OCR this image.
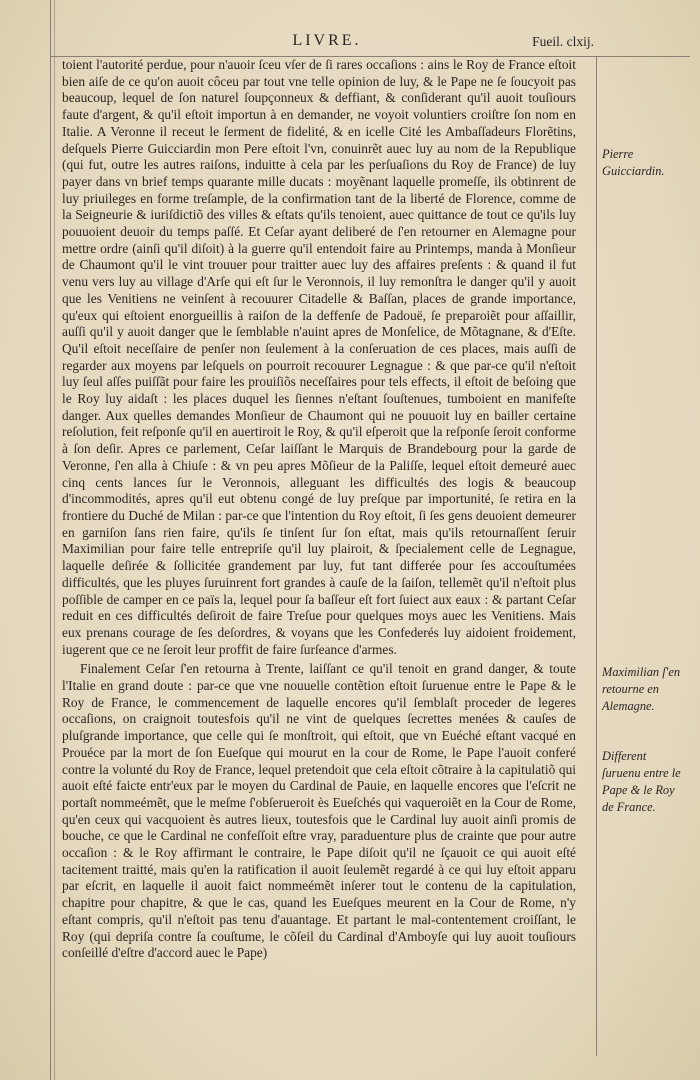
LIVRE.	Fueil. clxij.

toient l'autorité perdue, pour n'auoir ſceu vſer de ſi rares occaſions : ains le Roy de France eſtoit bien aiſe de ce qu'on auoit côceu par tout vne telle opinion de luy, & le Pape ne ſe ſoucyoit pas beaucoup, lequel de ſon naturel ſoupçonneux & deffiant, & conſiderant qu'il auoit touſiours faute d'argent, & qu'il eſtoit importun à en demander, ne voyoit voluntiers croiſtre ſon nom en Italie. A Veronne il receut le ſerment de fidelité, & en icelle Cité les Ambaſſadeurs Florẽtins, deſquels Pierre Guicciardin mon Pere eſtoit l'vn, conuinrẽt auec luy au nom de la Republique (qui fut, outre les autres raiſons, induitte à cela par les perſuaſions du Roy de France) de luy payer dans vn brief temps quarante mille ducats : moyẽnant laquelle promeſſe, ils obtinrent de luy priuileges en forme treſample, de la confirmation tant de la liberté de Florence, comme de la Seigneurie & iuriſdictiõ des villes & eſtats qu'ils tenoient, auec quittance de tout ce qu'ils luy pouuoient deuoir du temps paſſé. Et Ceſar ayant deliberé de ſ'en retourner en Alemagne pour mettre ordre (ainſi qu'il diſoit) à la guerre qu'il entendoit faire au Printemps, manda à Monſieur de Chaumont qu'il le vint trouuer pour traitter auec luy des affaires preſents : & quand il fut venu vers luy au village d'Arſe qui eſt ſur le Veronnois, il luy remonſtra le danger qu'il y auoit que les Venitiens ne veinſent à recouurer Citadelle & Baſſan, places de grande importance, qu'eux qui eſtoient enorgueillis à raiſon de la deffenſe de Padouë, ſe preparoiẽt pour aſſaillir, auſſi qu'il y auoit danger que le ſemblable n'auint apres de Monſelice, de Mõtagnane, & d'Eſte. Qu'il eſtoit neceſſaire de penſer non ſeulement à la conſeruation de ces places, mais auſſi de regarder aux moyens par leſquels on pourroit recouurer Legnague : & que par-ce qu'il n'eſtoit luy ſeul aſſes puiſſãt pour faire les prouiſiõs neceſſaires pour tels effects, il eſtoit de beſoing que le Roy luy aidaſt : les places duquel les ſiennes n'eſtant ſouſtenues, tumboient en manifeſte danger. Aux quelles demandes Monſieur de Chaumont qui ne pouuoit luy en bailler certaine reſolution, feit reſponſe qu'il en auertiroit le Roy, & qu'il eſperoit que la reſponſe ſeroit conforme à ſon deſir. Apres ce parlement, Ceſar laiſſant le Marquis de Brandebourg pour la garde de Veronne, ſ'en alla à Chiuſe : & vn peu apres Mõſieur de la Paliſſe, lequel eſtoit demeuré auec cinq cents lances ſur le Veronnois, alleguant les difficultés des logis & beaucoup d'incommodités, apres qu'il eut obtenu congé de luy preſque par importunité, ſe retira en la frontiere du Duché de Milan : par-ce que l'intention du Roy eſtoit, ſi ſes gens deuoient demeurer en garniſon ſans rien faire, qu'ils ſe tinſent ſur ſon eſtat, mais qu'ils retournaſſent ſeruir Maximilian pour faire telle entrepriſe qu'il luy plairoit, & ſpecialement celle de Legnague, laquelle deſirée & ſollicitée grandement par luy, fut tant differée pour ſes accouſtumées difficultés, que les pluyes ſuruinrent fort grandes à cauſe de la ſaiſon, tellemẽt qu'il n'eſtoit plus poſſible de camper en ce païs la, lequel pour ſa baſſeur eſt fort ſuiect aux eaux : & partant Ceſar reduit en ces difficultés deſiroit de faire Treſue pour quelques moys auec les Venitiens. Mais eux prenans courage de ſes deſordres, & voyans que les Confederés luy aidoient froidement, iugerent que ce ne ſeroit leur proffit de faire ſurſeance d'armes.

Finalement Ceſar ſ'en retourna à Trente, laiſſant ce qu'il tenoit en grand danger, & toute l'Italie en grand doute : par-ce que vne nouuelle contẽtion eſtoit ſuruenue entre le Pape & le Roy de France, le commencement de laquelle encores qu'il ſemblaſt proceder de legeres occaſions, on craignoit toutesfois qu'il ne vint de quelques ſecrettes menées & cauſes de pluſgrande importance, que celle qui ſe monſtroit, qui eſtoit, que vn Euéché eſtant vacqué en Prouéce par la mort de ſon Eueſque qui mourut en la cour de Rome, le Pape l'auoit conferé contre la volunté du Roy de France, lequel pretendoit que cela eſtoit cõtraire à la capitulatiõ qui auoit eſté faicte entr'eux par le moyen du Cardinal de Pauie, en laquelle encores que l'eſcrit ne portaſt nommeémẽt, que le meſme ſ'obſerueroit ès Eueſchés qui vaqueroiẽt en la Cour de Rome, qu'en ceux qui vacquoient ès autres lieux, toutesfois que le Cardinal luy auoit ainſi promis de bouche, ce que le Cardinal ne confeſſoit eſtre vray, paraduenture plus de crainte que pour autre occaſion : & le Roy affirmant le contraire, le Pape diſoit qu'il ne ſçauoit ce qui auoit eſté tacitement traitté, mais qu'en la ratification il auoit ſeulemẽt regardé à ce qui luy eſtoit apparu par eſcrit, en laquelle il auoit faict nommeémẽt inſerer tout le contenu de la capitulation, chapitre pour chapitre, & que le cas, quand les Eueſques meurent en la Cour de Rome, n'y eſtant compris, qu'il n'eſtoit pas tenu d'auantage. Et partant le mal-contentement croiſſant, le Roy (qui depriſa contre ſa couſtume, le cõſeil du Cardinal d'Amboyſe qui luy auoit touſiours conſeillé d'eſtre d'accord auec le Pape)

Pierre Guicciardin.
Maximilian ſ'en retourne en Alemagne.
Different ſuruenu entre le Pape & le Roy de France.
